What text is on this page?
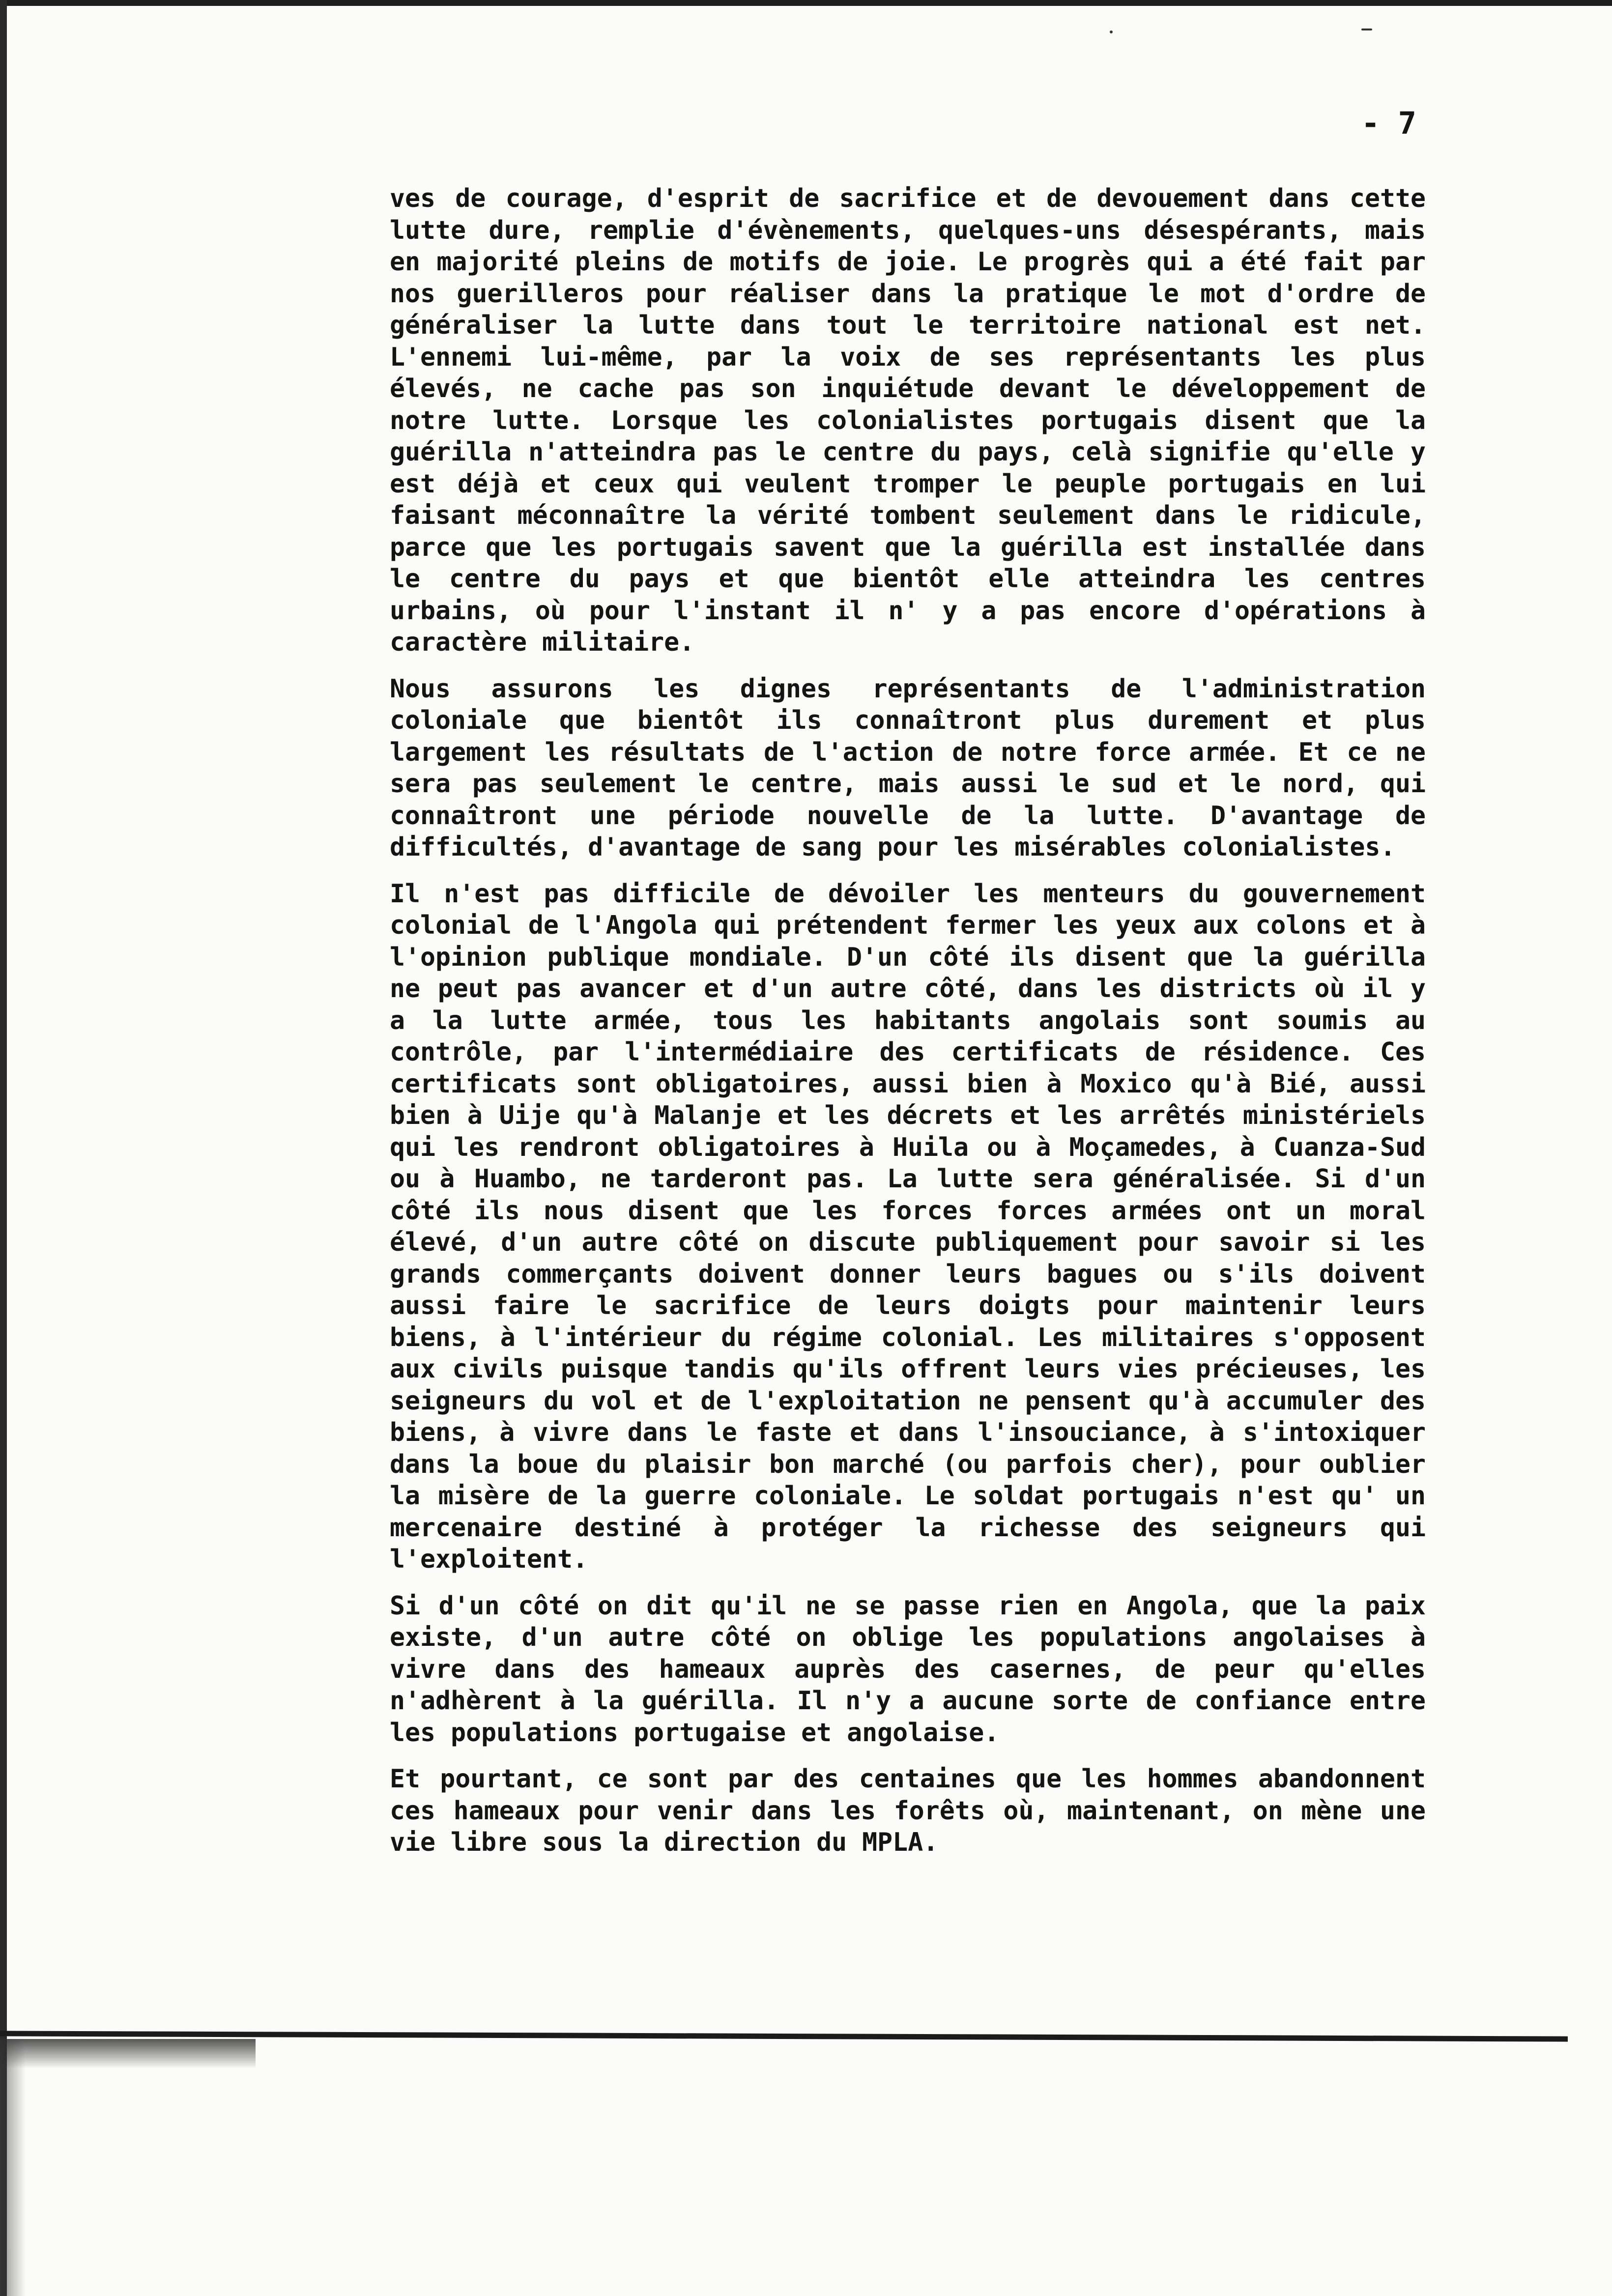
- 7

ves de courage, d'esprit de sacrifice et de devouement dans cette lutte dure, remplie d'évènements, quelques-uns désespérants, mais en majorité pleins de motifs de joie. Le progrès qui a été fait par nos guerilleros pour réaliser dans la pratique le mot d'ordre de généraliser la lutte dans tout le territoire national est net. L'ennemi lui-même, par la voix de ses représentants les plus élevés, ne cache pas son inquiétude devant le développement de notre lutte. Lorsque les colonialistes portugais disent que la guérilla n'atteindra pas le centre du pays, celà signifie qu'elle y est déjà et ceux qui veulent tromper le peuple portugais en lui faisant méconnaître la vérité tombent seulement dans le ridicule, parce que les portugais savent que la guérilla est installée dans le centre du pays et que bientôt elle atteindra les centres urbains, où pour l'instant il n' y a pas encore d'opérations à caractère militaire.

Nous assurons les dignes représentants de l'administration coloniale que bientôt ils connaîtront plus durement et plus largement les résultats de l'action de notre force armée. Et ce ne sera pas seulement le centre, mais aussi le sud et le nord, qui connaîtront une période nouvelle de la lutte. D'avantage de difficultés, d'avantage de sang pour les misérables colonialistes.

Il n'est pas difficile de dévoiler les menteurs du gouvernement colonial de l'Angola qui prétendent fermer les yeux aux colons et à l'opinion publique mondiale. D'un côté ils disent que la guérilla ne peut pas avancer et d'un autre côté, dans les districts où il y a la lutte armée, tous les habitants angolais sont soumis au contrôle, par l'intermédiaire des certificats de résidence. Ces certificats sont obligatoires, aussi bien à Moxico qu'à Bié, aussi bien à Uije qu'à Malanje et les décrets et les arrêtés ministériels qui les rendront obligatoires à Huila ou à Moçamedes, à Cuanza-Sud ou à Huambo, ne tarderont pas. La lutte sera généralisée. Si d'un côté ils nous disent que les forces forces armées ont un moral élevé, d'un autre côté on discute publiquement pour savoir si les grands commerçants doivent donner leurs bagues ou s'ils doivent aussi faire le sacrifice de leurs doigts pour maintenir leurs biens, à l'intérieur du régime colonial. Les militaires s'opposent aux civils puisque tandis qu'ils offrent leurs vies précieuses, les seigneurs du vol et de l'exploitation ne pensent qu'à accumuler des biens, à vivre dans le faste et dans l'insouciance, à s'intoxiquer dans la boue du plaisir bon marché (ou parfois cher), pour oublier la misère de la guerre coloniale. Le soldat portugais n'est qu' un mercenaire destiné à protéger la richesse des seigneurs qui l'exploitent.

Si d'un côté on dit qu'il ne se passe rien en Angola, que la paix existe, d'un autre côté on oblige les populations angolaises à vivre dans des hameaux auprès des casernes, de peur qu'elles n'adhèrent à la guérilla. Il n'y a aucune sorte de confiance entre les populations portugaise et angolaise.

Et pourtant, ce sont par des centaines que les hommes abandonnent ces hameaux pour venir dans les forêts où, maintenant, on mène une vie libre sous la direction du MPLA.
